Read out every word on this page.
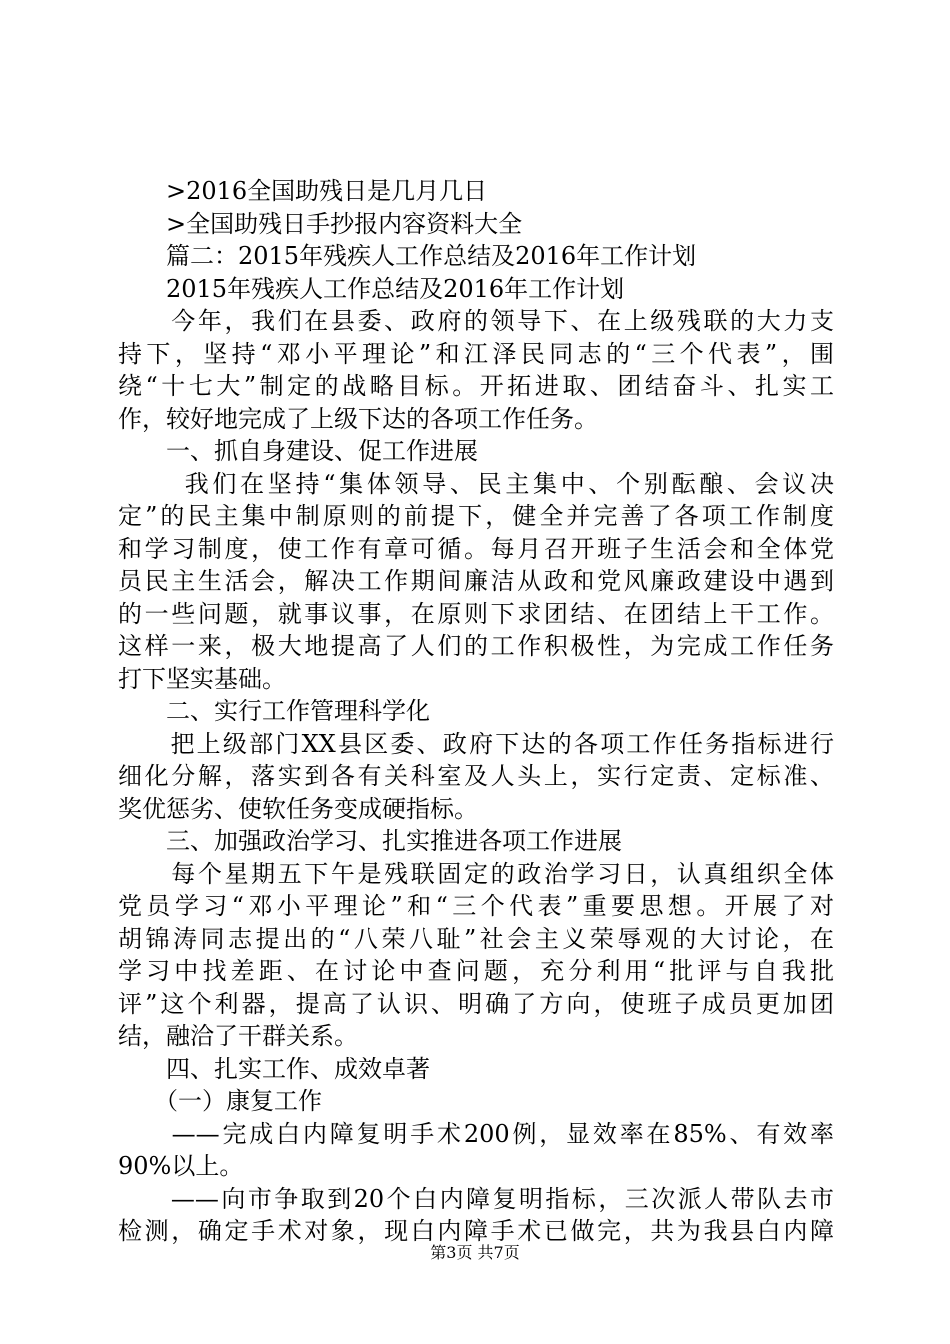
　　>2016全国助残日是几月几日
　　>全国助残日手抄报内容资料大全
　　篇二：2015年残疾人工作总结及2016年工作计划
　　2015年残疾人工作总结及2016年工作计划
　　今年，我们在县委、政府的领导下、在上级残联的大力支
持下，坚持“邓小平理论”和江泽民同志的“三个代表”，围
绕“十七大”制定的战略目标。开拓进取、团结奋斗、扎实工
作，较好地完成了上级下达的各项工作任务。
　　一、抓自身建设、促工作进展
　　 我们在坚持“集体领导、民主集中、个别酝酿、会议决
定”的民主集中制原则的前提下，健全并完善了各项工作制度
和学习制度，使工作有章可循。每月召开班子生活会和全体党
员民主生活会，解决工作期间廉洁从政和党风廉政建设中遇到
的一些问题，就事议事，在原则下求团结、在团结上干工作。
这样一来，极大地提高了人们的工作积极性，为完成工作任务
打下坚实基础。
　　二、实行工作管理科学化
　　把上级部门XX县区委、政府下达的各项工作任务指标进行
细化分解，落实到各有关科室及人头上，实行定责、定标准、
奖优惩劣、使软任务变成硬指标。
　　三、加强政治学习、扎实推进各项工作进展
　　每个星期五下午是残联固定的政治学习日，认真组织全体
党员学习“邓小平理论”和“三个代表”重要思想。开展了对
胡锦涛同志提出的“八荣八耻”社会主义荣辱观的大讨论，在
学习中找差距、在讨论中查问题，充分利用“批评与自我批
评”这个利器，提高了认识、明确了方向，使班子成员更加团
结，融洽了干群关系。
　　四、扎实工作、成效卓著
　　（一）康复工作
　　——完成白内障复明手术200例，显效率在85%、有效率
90%以上。
　　——向市争取到20个白内障复明指标，三次派人带队去市
检测，确定手术对象，现白内障手术已做完，共为我县白内障
第3页 共7页
